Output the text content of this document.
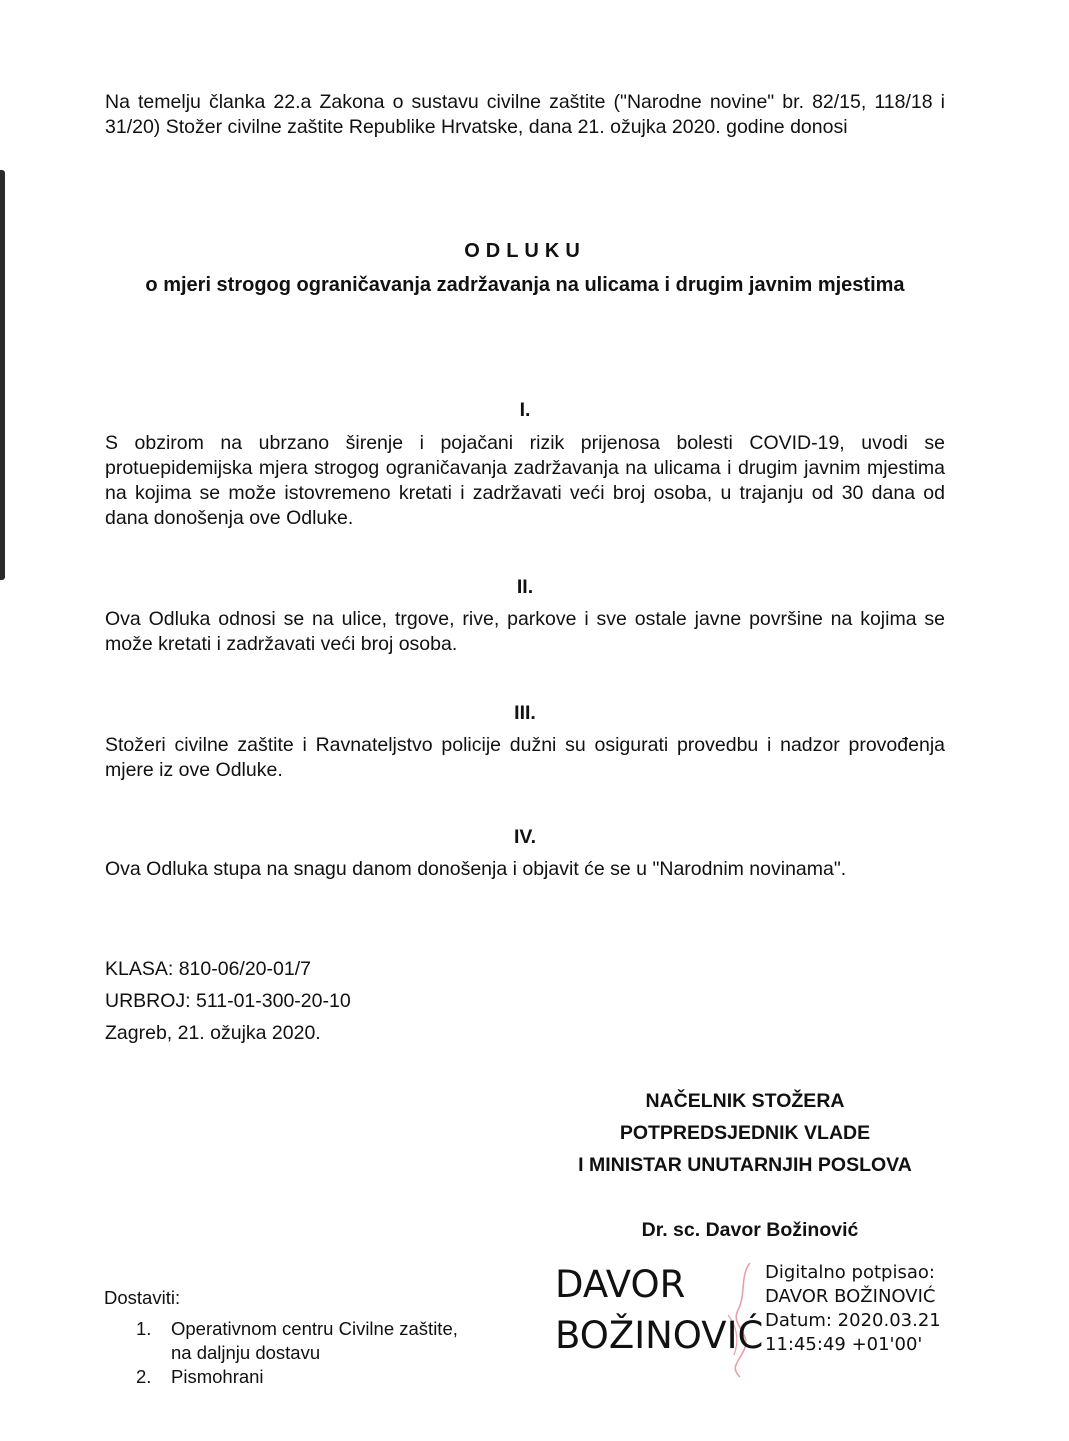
Na temelju članka 22.a Zakona o sustavu civilne zaštite ("Narodne novine" br. 82/15, 118/18 i 31/20) Stožer civilne zaštite Republike Hrvatske, dana 21. ožujka 2020. godine donosi

ODLUKU
o mjeri strogog ograničavanja zadržavanja na ulicama i drugim javnim mjestima
I.

S obzirom na ubrzano širenje i pojačani rizik prijenosa bolesti COVID-19, uvodi se protuepidemijska mjera strogog ograničavanja zadržavanja na ulicama i drugim javnim mjestima na kojima se može istovremeno kretati i zadržavati veći broj osoba, u trajanju od 30 dana od dana donošenja ove Odluke.

II.

Ova Odluka odnosi se na ulice, trgove, rive, parkove i sve ostale javne površine na kojima se može kretati i zadržavati veći broj osoba.

III.

Stožeri civilne zaštite i Ravnateljstvo policije dužni su osigurati provedbu i nadzor provođenja mjere iz ove Odluke.

IV.

Ova Odluka stupa na snagu danom donošenja i objavit će se u "Narodnim novinama".

KLASA: 810-06/20-01/7
URBROJ: 511-01-300-20-10
Zagreb, 21. ožujka 2020.
NAČELNIK STOŽERA
POTPREDSJEDNIK VLADE
I MINISTAR UNUTARNJIH POSLOVA
Dr. sc. Davor Božinović
DAVOR
BOŽINOVIĆ
Digitalno potpisao:
DAVOR BOŽINOVIĆ
Datum: 2020.03.21
11:45:49 +01'00'
Dostaviti:
1. Operativnom centru Civilne zaštite,
na daljnju dostavu
2. Pismohrani
